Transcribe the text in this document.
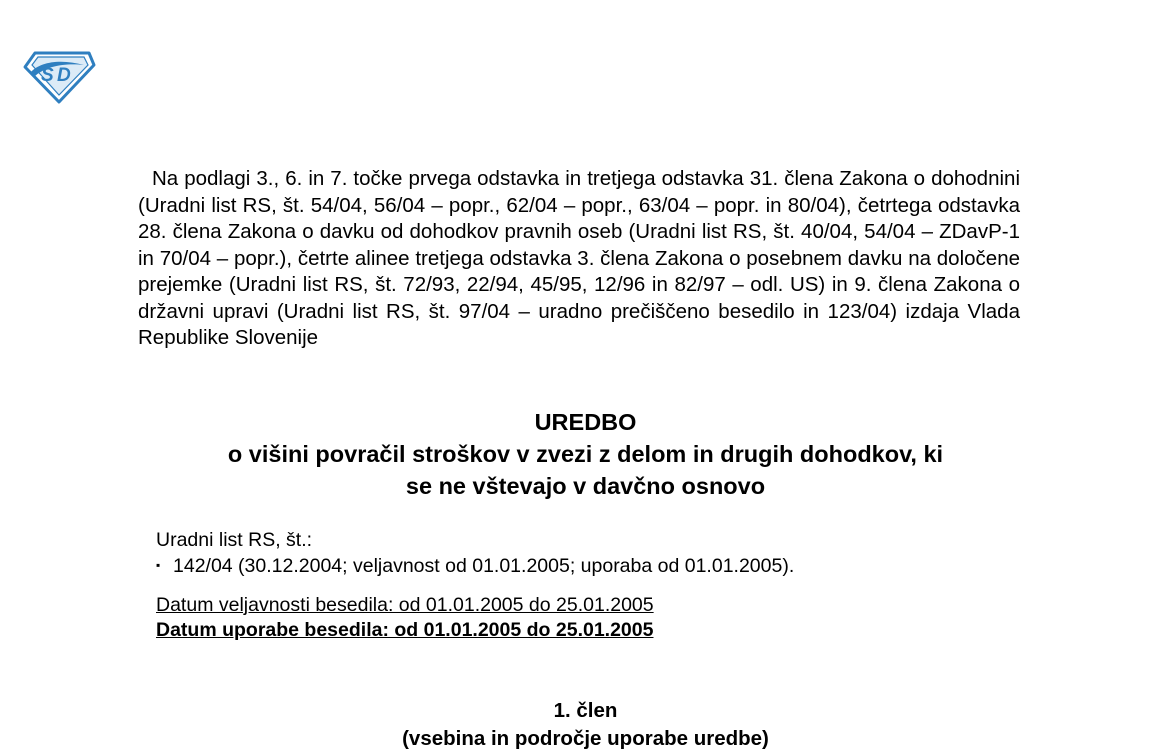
S D

Na podlagi 3., 6. in 7. točke prvega odstavka in tretjega odstavka 31. člena Zakona o dohodnini (Uradni list RS, št. 54/04, 56/04 – popr., 62/04 – popr., 63/04 – popr. in 80/04), četrtega odstavka 28. člena Zakona o davku od dohodkov pravnih oseb (Uradni list RS, št. 40/04, 54/04 – ZDavP-1 in 70/04 – popr.), četrte alinee tretjega odstavka 3. člena Zakona o posebnem davku na določene prejemke (Uradni list RS, št. 72/93, 22/94, 45/95, 12/96 in 82/97 – odl. US) in 9. člena Zakona o državni upravi (Uradni list RS, št. 97/04 – uradno prečiščeno besedilo in 123/04) izdaja Vlada Republike Slovenije

UREDBO
o višini povračil stroškov v zvezi z delom in drugih dohodkov, ki
se ne vštevajo v davčno osnovo
Uradni list RS, št.:
▪ 142/04 (30.12.2004; veljavnost od 01.01.2005; uporaba od 01.01.2005).
Datum veljavnosti besedila: od 01.01.2005 do 25.01.2005
Datum uporabe besedila: od 01.01.2005 do 25.01.2005
1. člen
(vsebina in področje uporabe uredbe)
